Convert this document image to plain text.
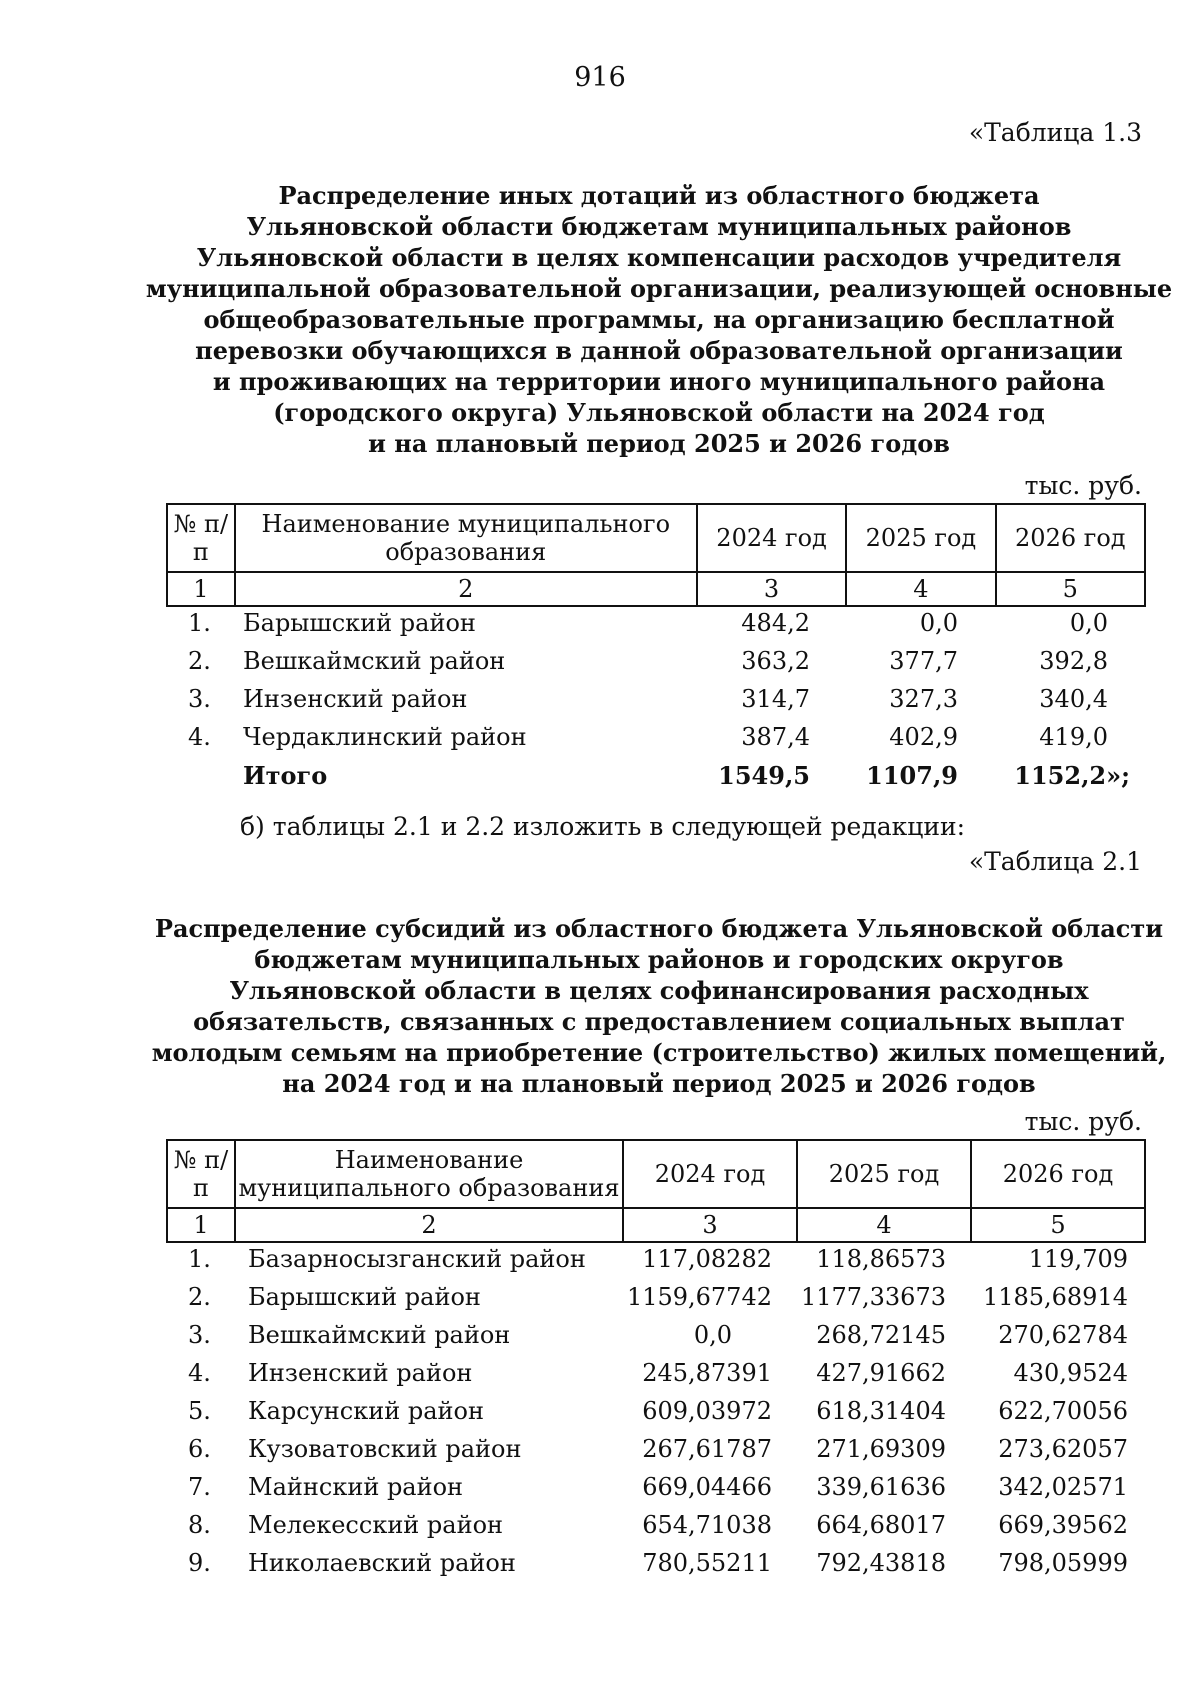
916
«Таблица 1.3
Распределение иных дотаций из областного бюджета
Ульяновской области бюджетам муниципальных районов
Ульяновской области в целях компенсации расходов учредителя
муниципальной образовательной организации, реализующей основные
общеобразовательные программы, на организацию бесплатной
перевозки обучающихся в данной образовательной организации
и проживающих на территории иного муниципального района
(городского округа) Ульяновской области на 2024 год
и на плановый период 2025 и 2026 годов
тыс. руб.
№ п/п	Наименование муниципального образования	2024 год	2025 год	2026 год
1	2	3	4	5
1. Барышский район	484,2	0,0	0,0
2. Вешкаймский район	363,2	377,7	392,8
3. Инзенский район	314,7	327,3	340,4
4. Чердаклинский район	387,4	402,9	419,0
Итого	1549,5 1107,9 1152,2»;
б) таблицы 2.1 и 2.2 изложить в следующей редакции:
«Таблица 2.1
Распределение субсидий из областного бюджета Ульяновской области
бюджетам муниципальных районов и городских округов
Ульяновской области в целях софинансирования расходных
обязательств, связанных с предоставлением социальных выплат
молодым семьям на приобретение (строительство) жилых помещений,
на 2024 год и на плановый период 2025 и 2026 годов
тыс. руб.
№ п/п	Наименование муниципального образования	2024 год	2025 год	2026 год
1	2	3	4	5
1. Базарносызганский район 117,08282 118,86573	119,709
2. Барышский район	1159,67742 1177,33673 1185,68914
3. Вешкаймский район	0,0	268,72145 270,62784
4. Инзенский район	245,87391 427,91662	430,9524
5. Карсунский район	609,03972 618,31404 622,70056
6. Кузоватовский район	267,61787 271,69309 273,62057
7. Майнский район	669,04466 339,61636 342,02571
8. Мелекесский район	654,71038 664,68017 669,39562
9. Николаевский район	780,55211 792,43818 798,05999
